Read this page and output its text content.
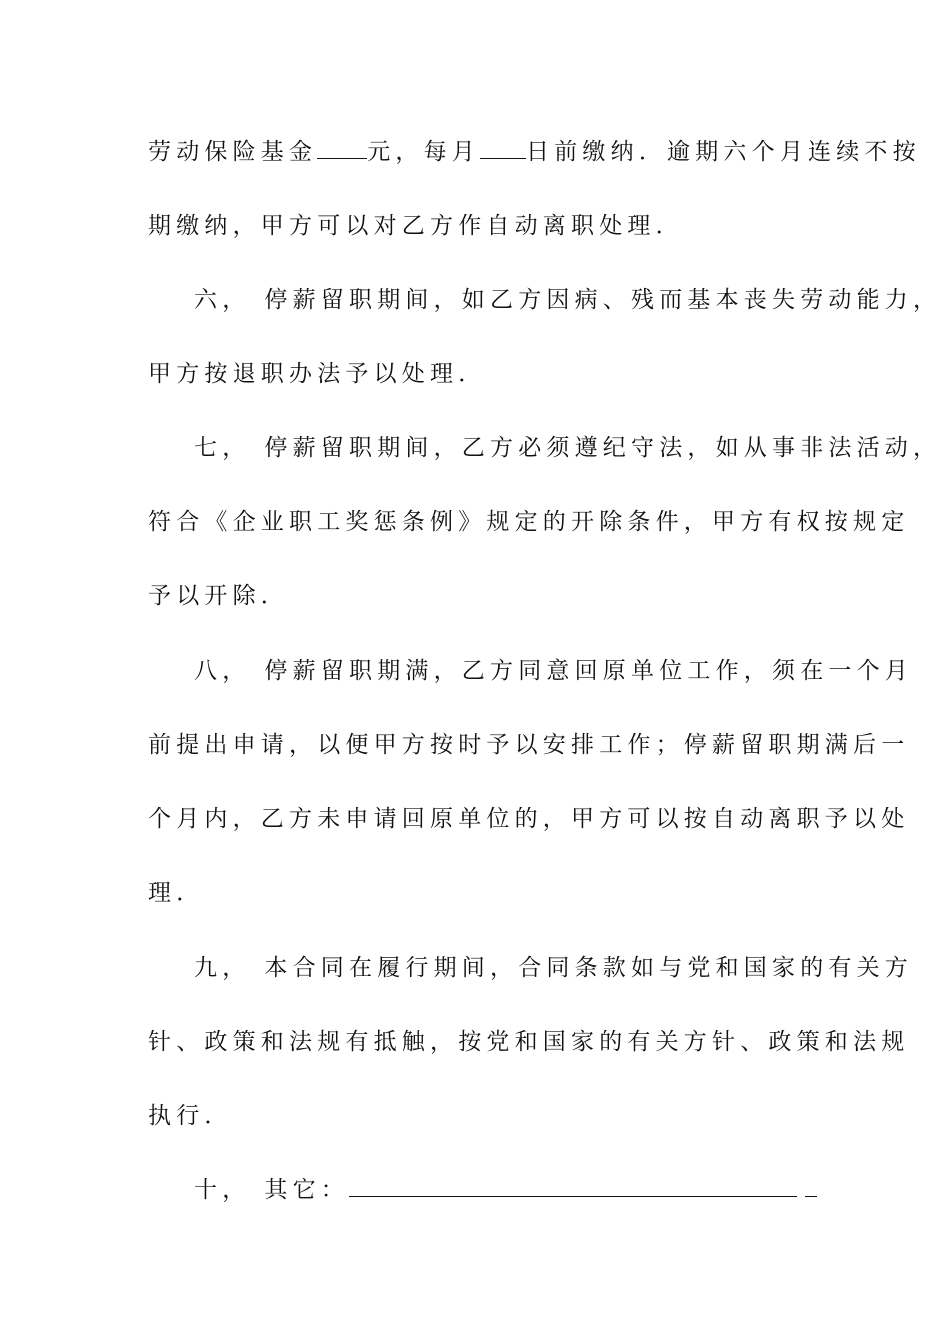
劳动保险基金 元，每月 日前缴纳．逾期六个月连续不按
期缴纳，甲方可以对乙方作自动离职处理．
六， 停薪留职期间，如乙方因病、残而基本丧失劳动能力，
甲方按退职办法予以处理．
七， 停薪留职期间，乙方必须遵纪守法，如从事非法活动，
符合《企业职工奖惩条例》规定的开除条件，甲方有权按规定
予以开除．
八， 停薪留职期满，乙方同意回原单位工作，须在一个月
前提出申请，以便甲方按时予以安排工作；停薪留职期满后一
个月内，乙方未申请回原单位的，甲方可以按自动离职予以处
理．
九， 本合同在履行期间，合同条款如与党和国家的有关方
针、政策和法规有抵触，按党和国家的有关方针、政策和法规
执行．
十， 其它：
